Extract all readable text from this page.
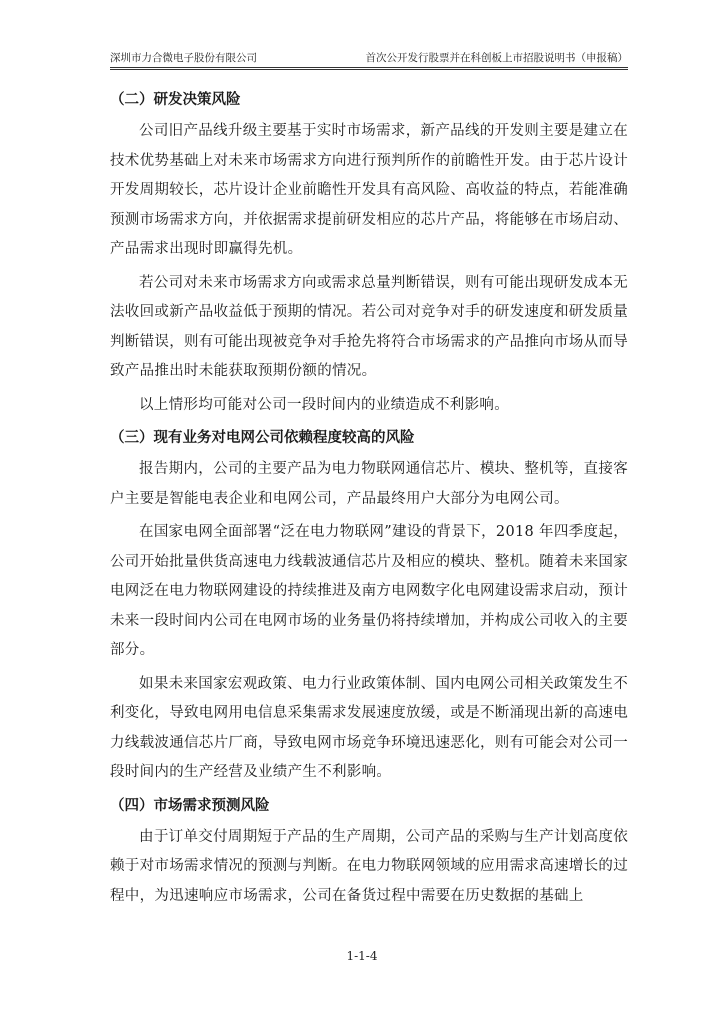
深圳市力合微电子股份有限公司	首次公开发行股票并在科创板上市招股说明书（申报稿）
（二）研发决策风险

公司旧产品线升级主要基于实时市场需求，新产品线的开发则主要是建立在技术优势基础上对未来市场需求方向进行预判所作的前瞻性开发。由于芯片设计开发周期较长，芯片设计企业前瞻性开发具有高风险、高收益的特点，若能准确预测市场需求方向，并依据需求提前研发相应的芯片产品，将能够在市场启动、产品需求出现时即赢得先机。

若公司对未来市场需求方向或需求总量判断错误，则有可能出现研发成本无法收回或新产品收益低于预期的情况。若公司对竞争对手的研发速度和研发质量判断错误，则有可能出现被竞争对手抢先将符合市场需求的产品推向市场从而导致产品推出时未能获取预期份额的情况。

以上情形均可能对公司一段时间内的业绩造成不利影响。

（三）现有业务对电网公司依赖程度较高的风险

报告期内，公司的主要产品为电力物联网通信芯片、模块、整机等，直接客户主要是智能电表企业和电网公司，产品最终用户大部分为电网公司。

在国家电网全面部署“泛在电力物联网”建设的背景下，2018 年四季度起，公司开始批量供货高速电力线载波通信芯片及相应的模块、整机。随着未来国家电网泛在电力物联网建设的持续推进及南方电网数字化电网建设需求启动，预计未来一段时间内公司在电网市场的业务量仍将持续增加，并构成公司收入的主要部分。

如果未来国家宏观政策、电力行业政策体制、国内电网公司相关政策发生不利变化，导致电网用电信息采集需求发展速度放缓，或是不断涌现出新的高速电力线载波通信芯片厂商，导致电网市场竞争环境迅速恶化，则有可能会对公司一段时间内的生产经营及业绩产生不利影响。

（四）市场需求预测风险

由于订单交付周期短于产品的生产周期，公司产品的采购与生产计划高度依赖于对市场需求情况的预测与判断。在电力物联网领域的应用需求高速增长的过程中，为迅速响应市场需求，公司在备货过程中需要在历史数据的基础上

1-1-4
